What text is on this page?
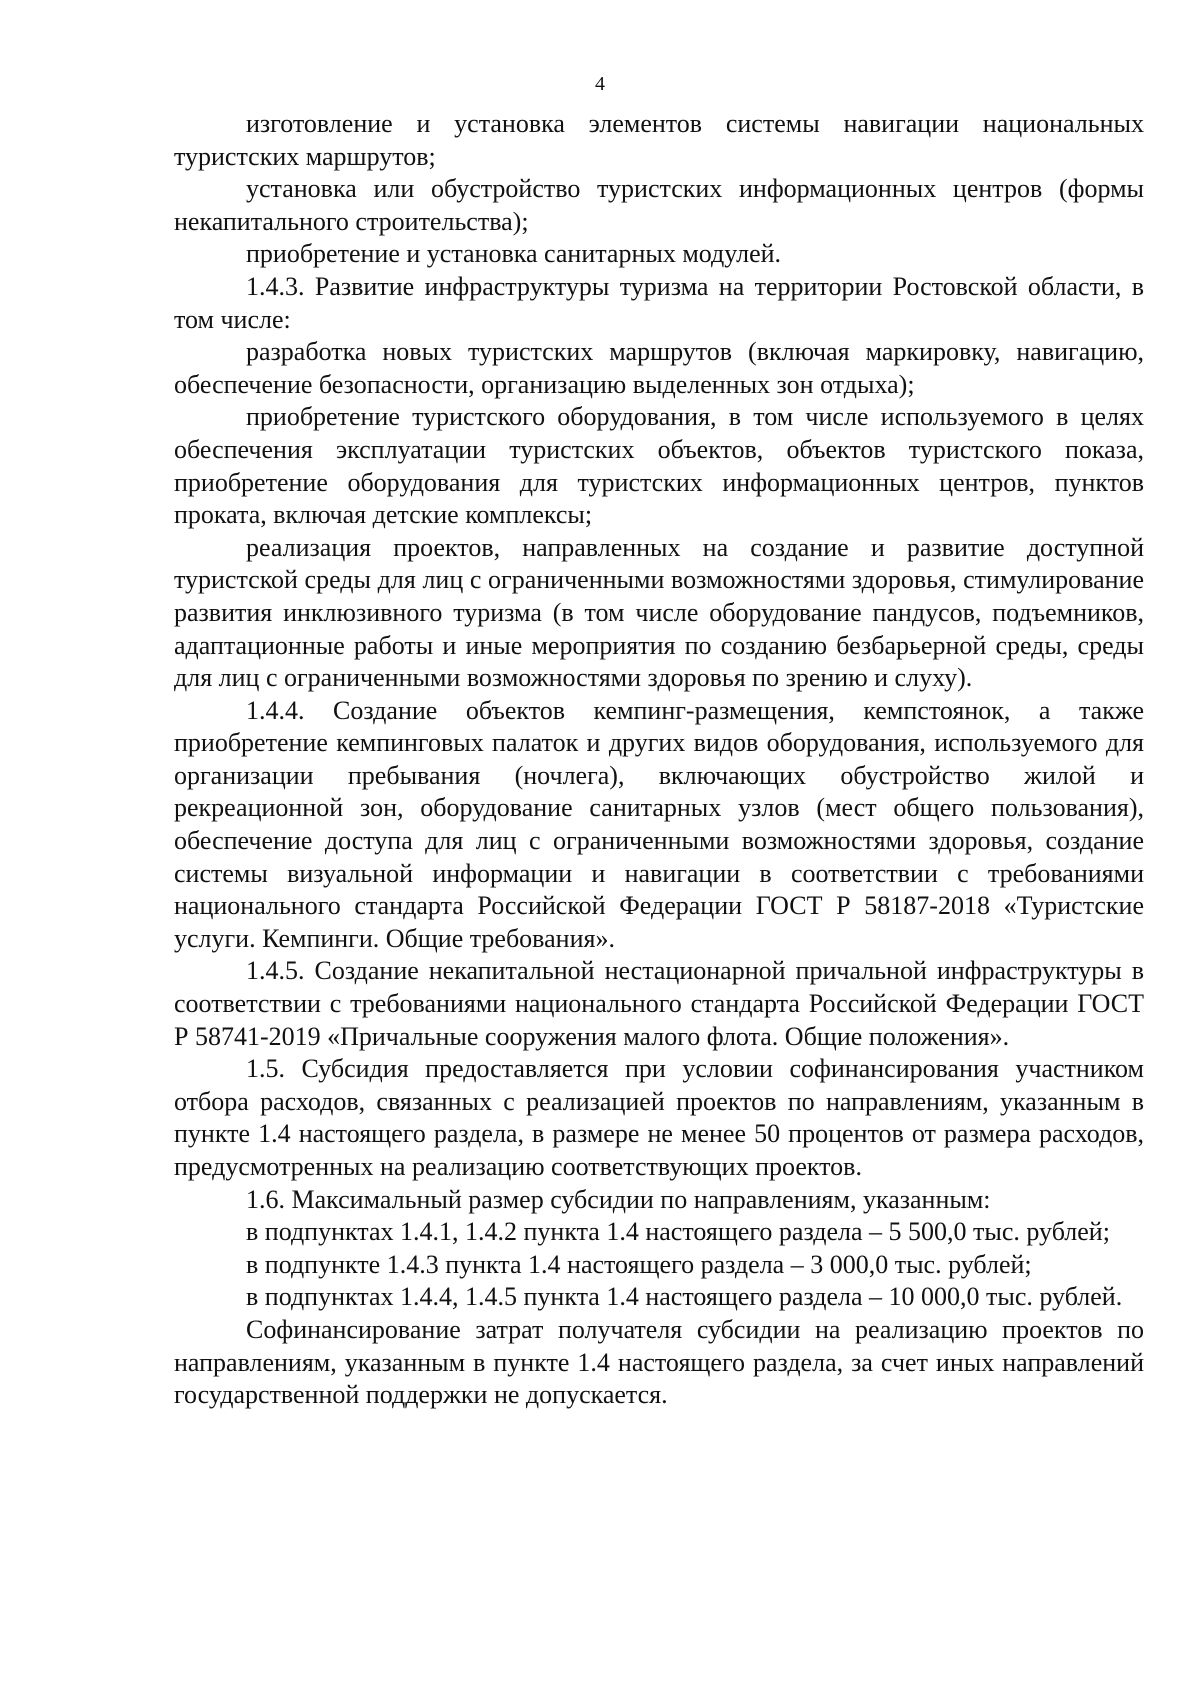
4

изготовление и установка элементов системы навигации национальных туристских маршрутов;

установка или обустройство туристских информационных центров (формы некапитального строительства);

приобретение и установка санитарных модулей.

1.4.3. Развитие инфраструктуры туризма на территории Ростовской области, в том числе:

разработка новых туристских маршрутов (включая маркировку, навигацию, обеспечение безопасности, организацию выделенных зон отдыха);

приобретение туристского оборудования, в том числе используемого в целях обеспечения эксплуатации туристских объектов, объектов туристского показа, приобретение оборудования для туристских информационных центров, пунктов проката, включая детские комплексы;

реализация проектов, направленных на создание и развитие доступной туристской среды для лиц с ограниченными возможностями здоровья, стимулирование развития инклюзивного туризма (в том числе оборудование пандусов, подъемников, адаптационные работы и иные мероприятия по созданию безбарьерной среды, среды для лиц с ограниченными возможностями здоровья по зрению и слуху).

1.4.4. Создание объектов кемпинг-размещения, кемпстоянок, а также приобретение кемпинговых палаток и других видов оборудования, используемого для организации пребывания (ночлега), включающих обустройство жилой и рекреационной зон, оборудование санитарных узлов (мест общего пользования), обеспечение доступа для лиц с ограниченными возможностями здоровья, создание системы визуальной информации и навигации в соответствии с требованиями национального стандарта Российской Федерации ГОСТ Р 58187-2018 «Туристские услуги. Кемпинги. Общие требования».

1.4.5. Создание некапитальной нестационарной причальной инфраструктуры в соответствии с требованиями национального стандарта Российской Федерации ГОСТ Р 58741-2019 «Причальные сооружения малого флота. Общие положения».

1.5. Субсидия предоставляется при условии софинансирования участником отбора расходов, связанных с реализацией проектов по направлениям, указанным в пункте 1.4 настоящего раздела, в размере не менее 50 процентов от размера расходов, предусмотренных на реализацию соответствующих проектов.

1.6. Максимальный размер субсидии по направлениям, указанным:

в подпунктах 1.4.1, 1.4.2 пункта 1.4 настоящего раздела – 5 500,0 тыс. рублей;

в подпункте 1.4.3 пункта 1.4 настоящего раздела – 3 000,0 тыс. рублей;

в подпунктах 1.4.4, 1.4.5 пункта 1.4 настоящего раздела – 10 000,0 тыс. рублей.

Софинансирование затрат получателя субсидии на реализацию проектов по направлениям, указанным в пункте 1.4 настоящего раздела, за счет иных направлений государственной поддержки не допускается.
